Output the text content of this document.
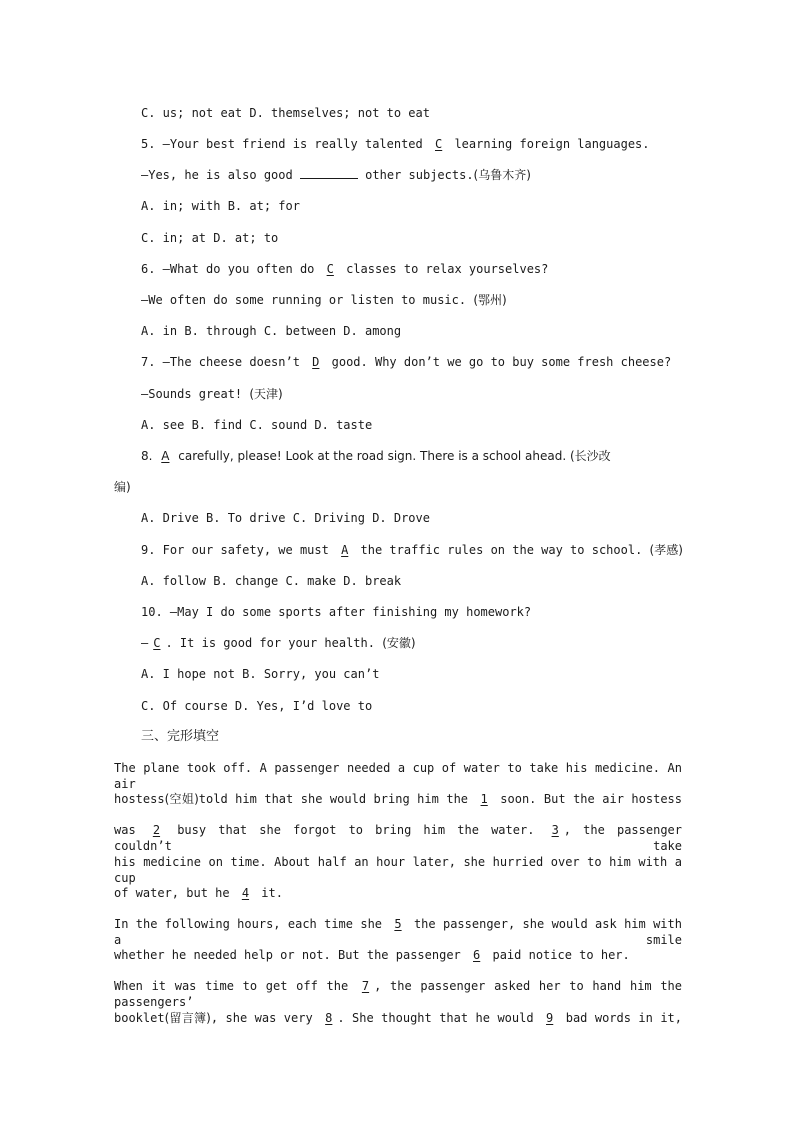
C. us; not eat D. themselves; not to eat
5. —Your best friend is really talented C learning foreign languages.
—Yes, he is also good	other subjects.(乌鲁木齐)
A. in; with B. at; for
C. in; at D. at; to
6. —What do you often do C classes to relax yourselves?
—We often do some running or listen to music. (鄂州)
A. in B. through C. between D. among
7. —The cheese doesn’t D good. Why don’t we go to buy some fresh cheese?
—Sounds great! (天津)
A. see B. find C. sound D. taste
8. A carefully, please! Look at the road sign. There is a school ahead. (长沙改
编)
A. Drive B. To drive C. Driving D. Drove
9. For our safety, we must A the traffic rules on the way to school. (孝感)
A. follow B. change C. make D. break
10. —May I do some sports after finishing my homework?
— C . It is good for your health. (安徽)
A. I hope not B. Sorry, you can’t
C. Of course D. Yes, I’d love to
三、完形填空
The plane took off. A passenger needed a cup of water to take his medicine. An air
hostess(空姐)told him that she would bring him the 1 soon. But the air hostess
was 2 busy that she forgot to bring him the water. 3 , the passenger couldn’t take
his medicine on time. About half an hour later, she hurried over to him with a cup
of water, but he 4 it.
In the following hours, each time she 5 the passenger, she would ask him with a smile
whether he needed help or not. But the passenger 6 paid notice to her.
When it was time to get off the 7 , the passenger asked her to hand him the passengers’
booklet(留言簿), she was very 8 . She thought that he would 9 bad words in it,
